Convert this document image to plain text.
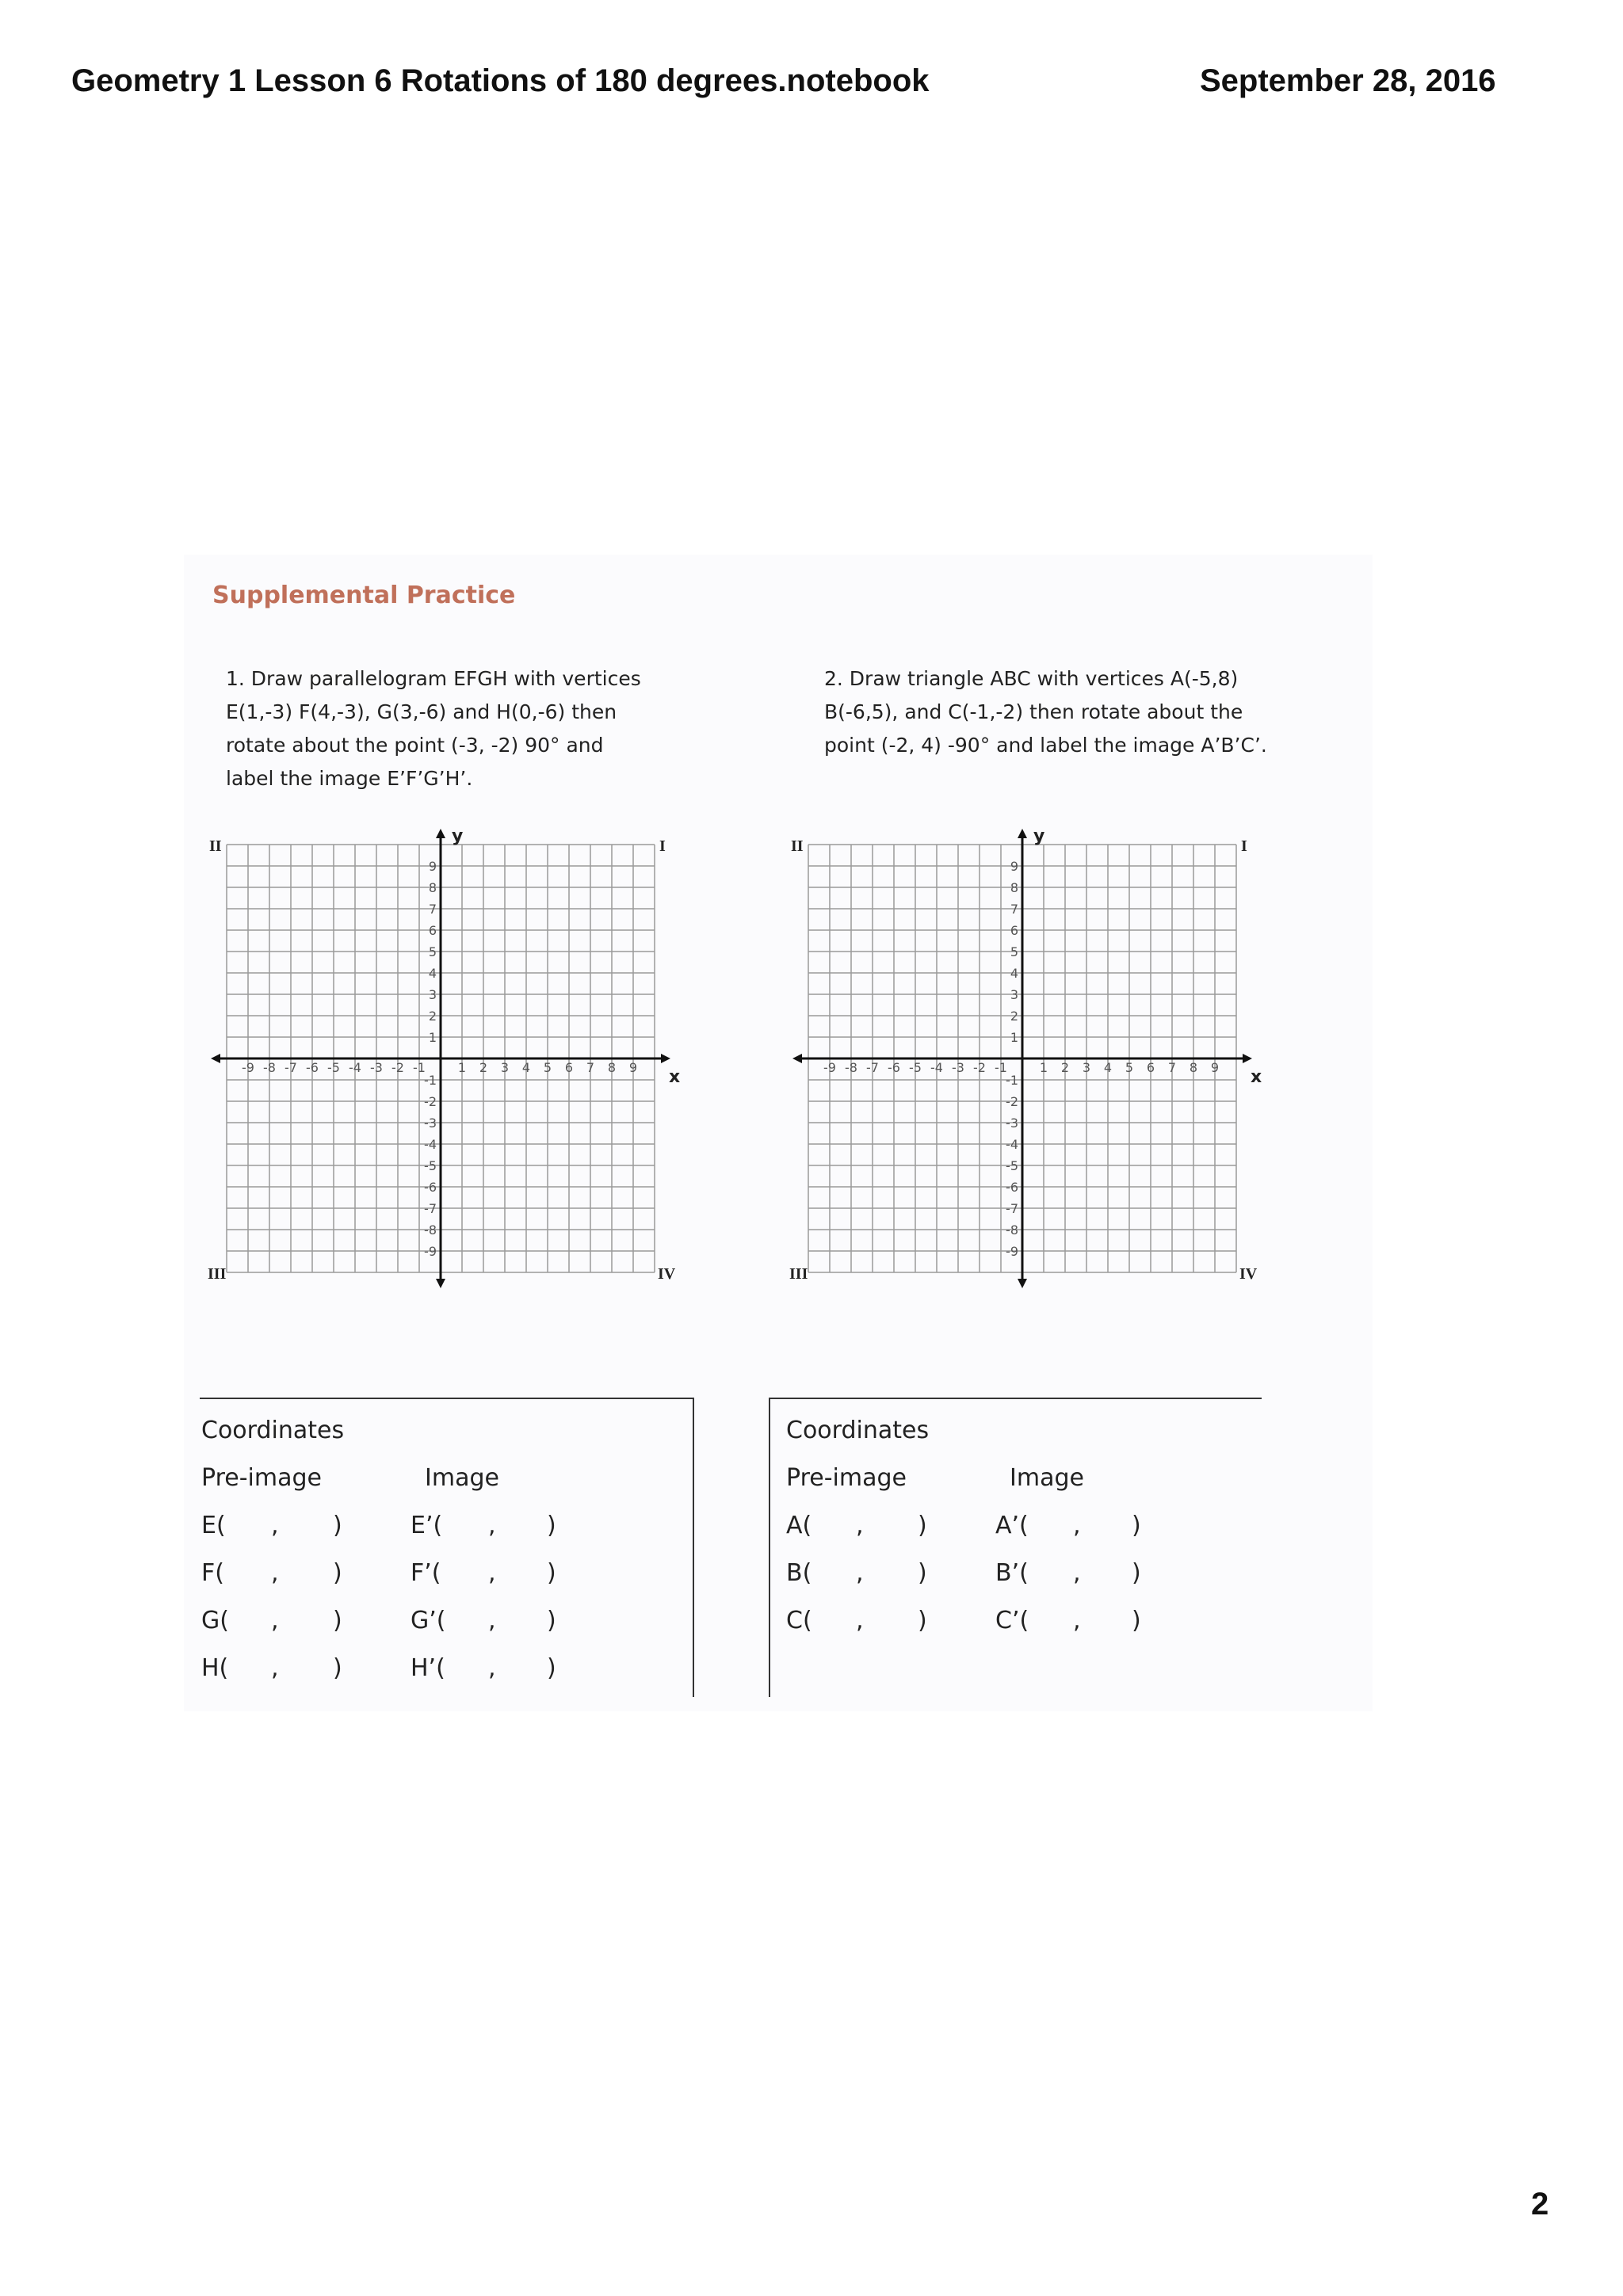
Geometry 1 Lesson 6 Rotations of 180 degrees.notebook	September 28, 2016
Supplemental Practice

1. Draw parallelogram EFGH with vertices

E(1,-3) F(4,-3), G(3,-6) and H(0,-6) then

rotate about the point (-3, -2) 90° and

label the image E’F’G’H’.

2. Draw triangle ABC with vertices A(-5,8)

B(-6,5), and C(-1,-2) then rotate about the

point (-2, 4) -90° and label the image A’B’C’.

-9
-9
-8
-8
-7
-7
-6
-6
-5
-5
-4
-4
-3
-3
-2
-2
-1
-1
1
1
2
2
3
3
4
4
5
5
6
6
7
7
8
8
9
9
x
y	I
II
III	IV
-9
-9
-8
-8
-7
-7
-6
-6
-5
-5
-4
-4
-3
-3
-2
-2
-1
-1
1
1
2
2
3
3
4
4
5
5
6
6
7
7
8
8
9
9
x
y	I
II
III	IV
Coordinates
Pre-image	Image
E( , )	E’( , )
F( , )	F’( , )
G( , )	G’( , )
H( , )	H’( , )
Coordinates
Pre-image	Image
A( , )	A’( , )
B( , )	B’( , )
C( , )	C’( , )
2
